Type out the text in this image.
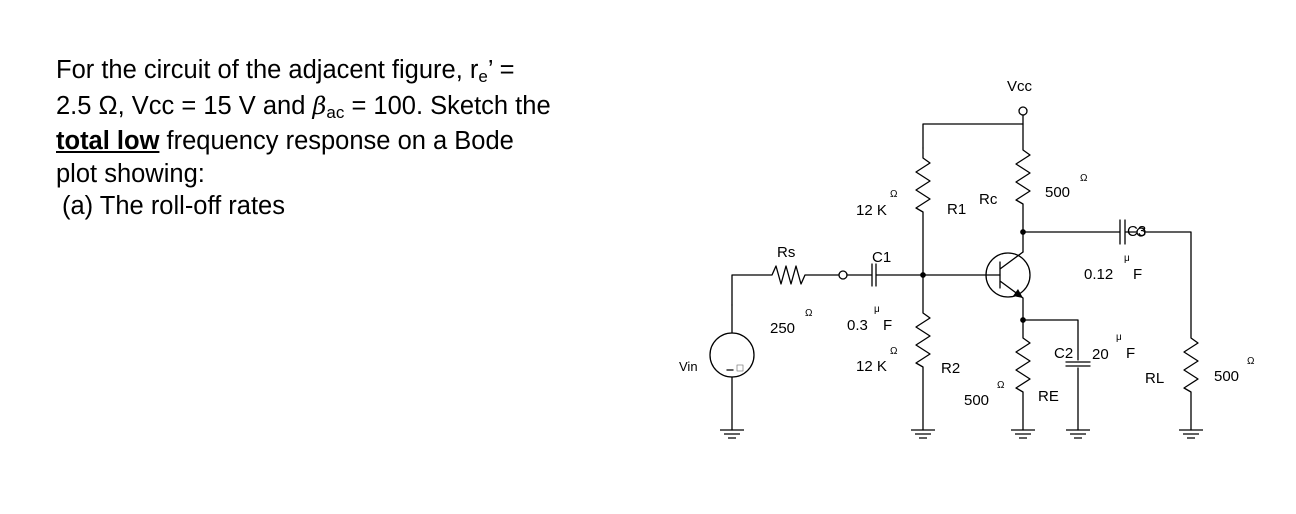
For the circuit of the adjacent figure, re’ =
2.5 Ω, Vcc = 15 V and βac = 100. Sketch the
total low frequency response on a Bode
plot showing:
(a) The roll-off rates
Vcc
Rc	500
Ω
R1
12 K
Ω
Rs
250
Ω
C1
0.3
μ
F
12 K
Ω
R2
500
Ω
RE
C2 20
μ
F
C3
0.12
μ
F
RL	500
Ω
Vin
